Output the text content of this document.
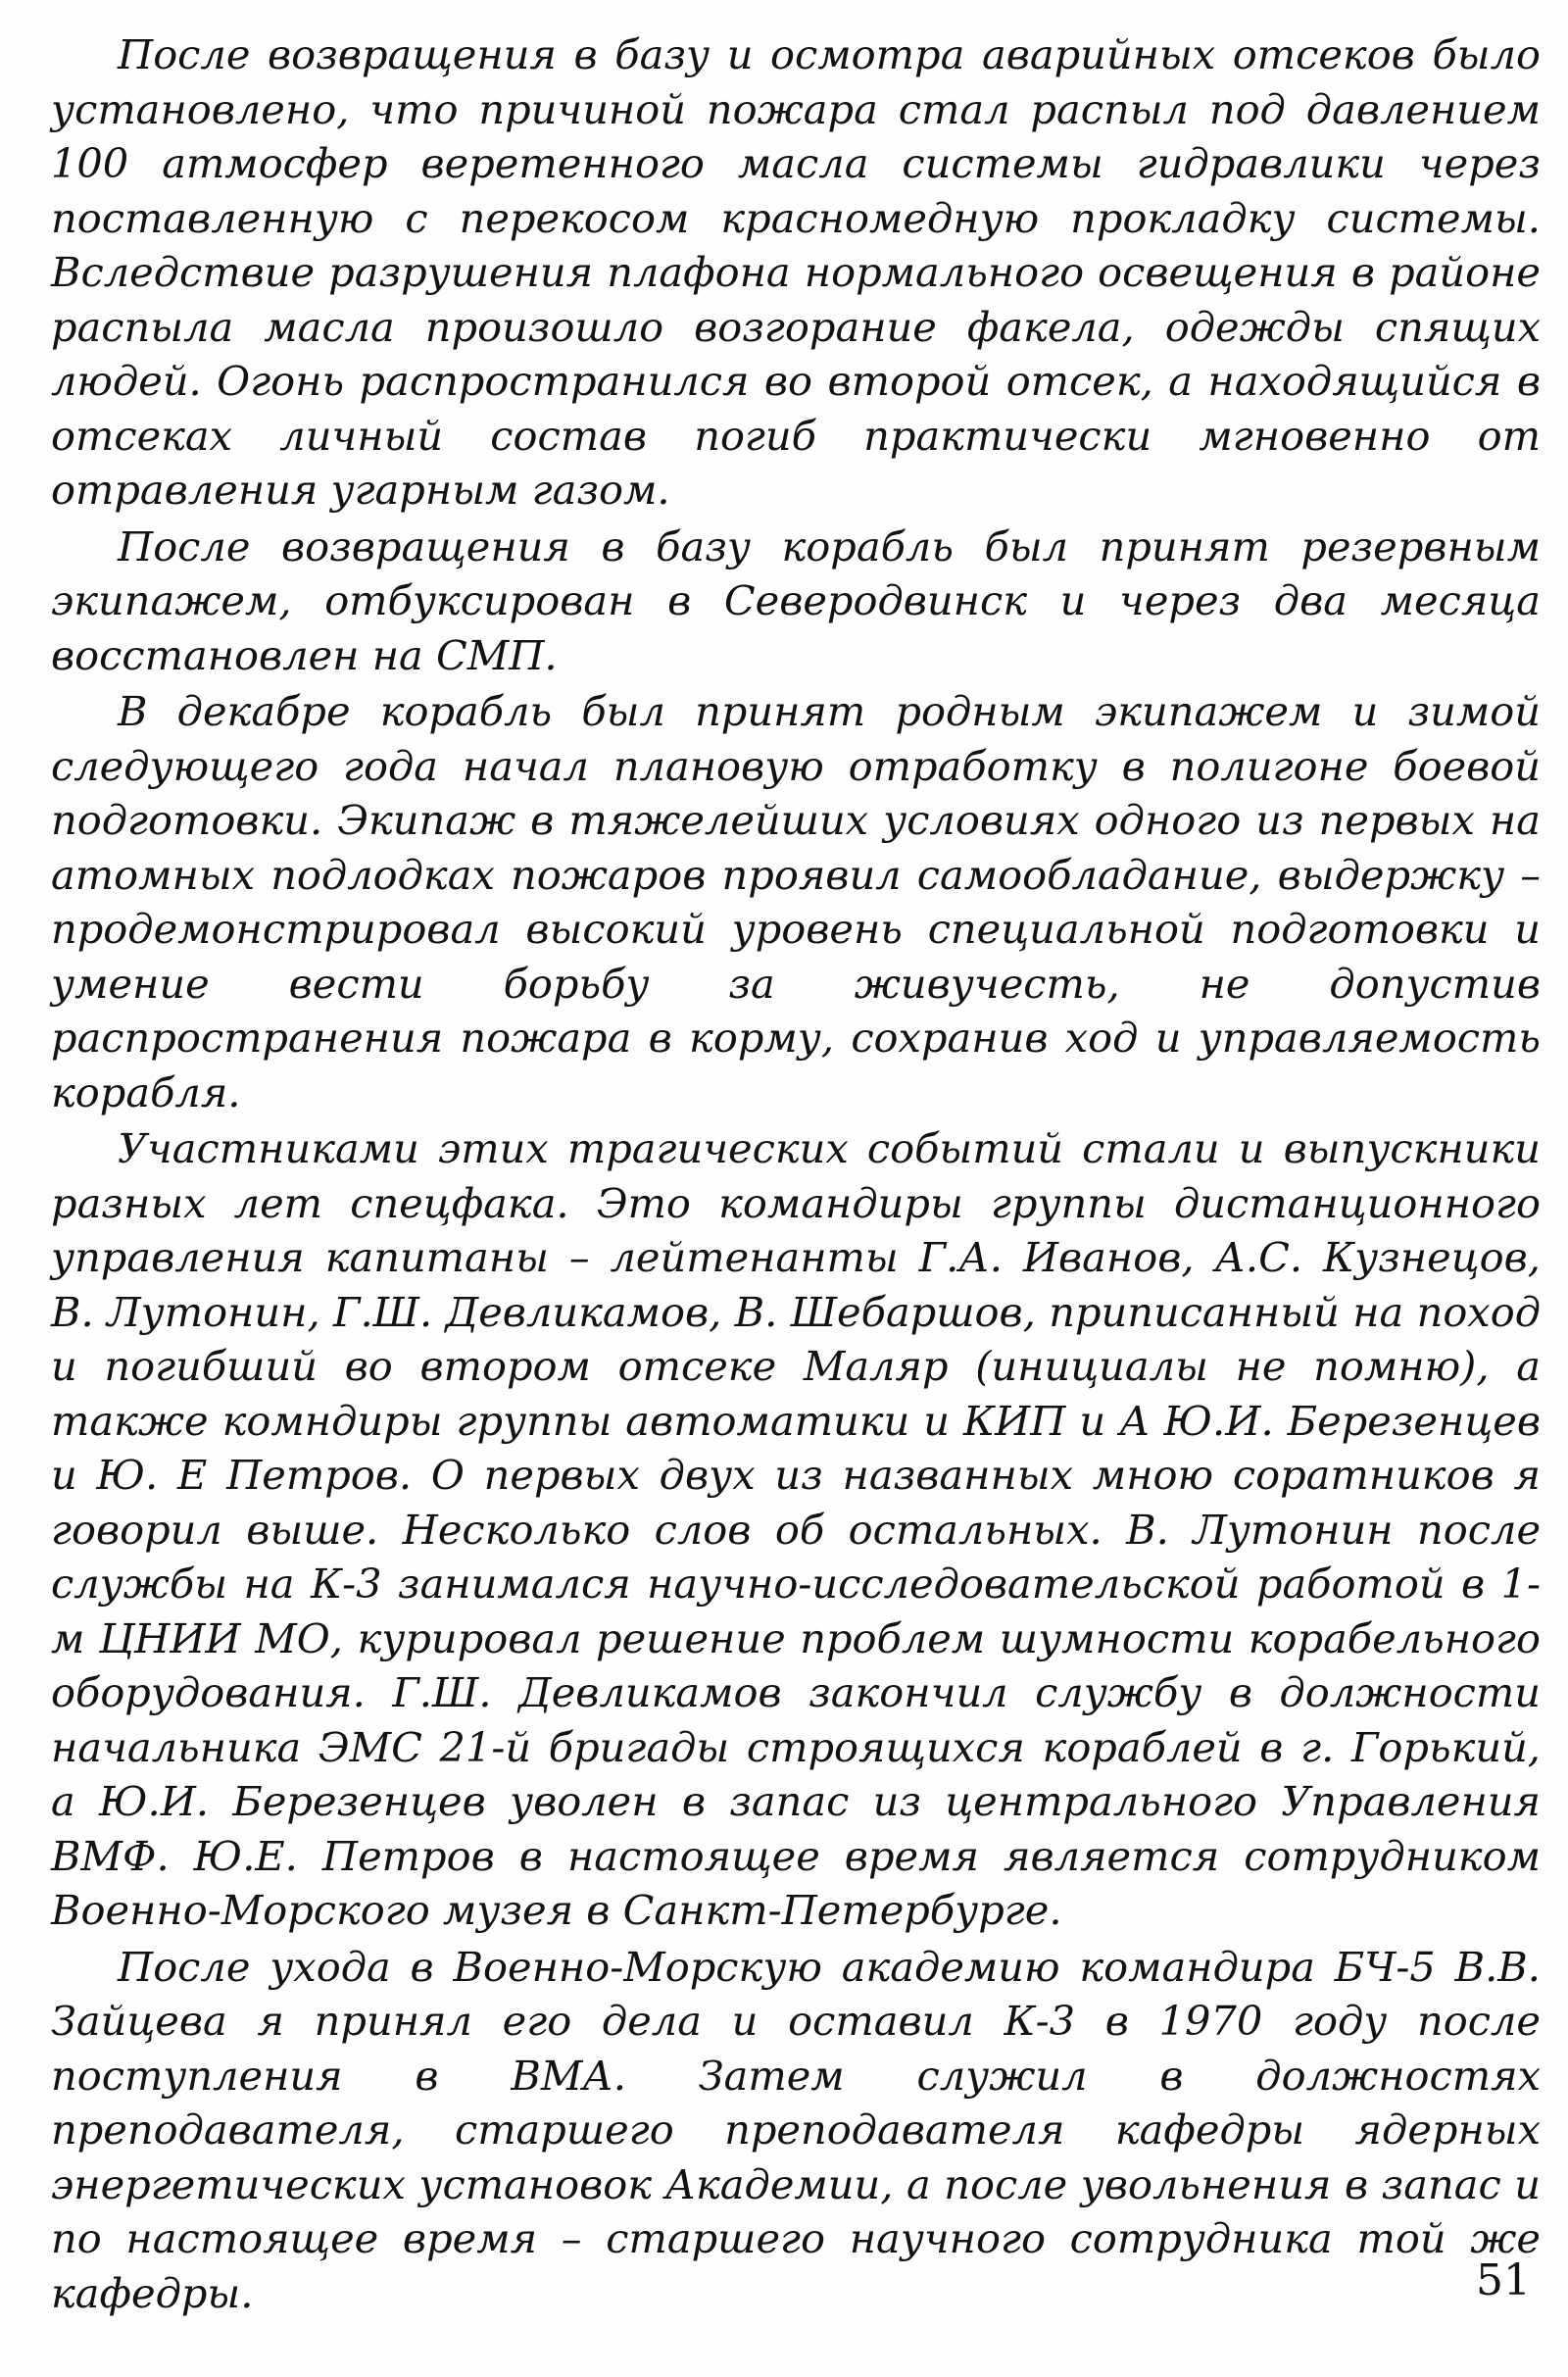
После возвращения в базу и осмотра аварийных отсеков было установлено, что причиной пожара стал распыл под давлением 100 атмосфер веретенного масла системы гидравлики через поставленную с перекосом красномедную прокладку системы. Вследствие разрушения плафона нормального освещения в районе распыла масла произошло возгорание факела, одежды спящих людей. Огонь распространился во второй отсек, а находящийся в отсеках личный состав погиб практически мгновенно от отравления угарным газом.

После возвращения в базу корабль был принят резервным экипажем, отбуксирован в Северодвинск и через два месяца восстановлен на СМП.

В декабре корабль был принят родным экипажем и зимой следующего года начал плановую отработку в полигоне боевой подготовки. Экипаж в тяжелейших условиях одного из первых на атомных подлодках пожаров проявил самообладание, выдержку – продемонстрировал высокий уровень специальной подготовки и умение вести борьбу за живучесть, не допустив распространения пожара в корму, сохранив ход и управляемость корабля.

Участниками этих трагических событий стали и выпускники разных лет спецфака. Это командиры группы дистанционного управления капитаны – лейтенанты Г.А. Иванов, А.С. Кузнецов, В. Лутонин, Г.Ш. Девликамов, В. Шебаршов, приписанный на поход и погибший во втором отсеке Маляр (инициалы не помню), а также комндиры группы автоматики и КИП и А Ю.И. Березенцев и Ю. Е Петров. О первых двух из названных мною соратников я говорил выше. Несколько слов об остальных. В. Лутонин после службы на К-3 занимался научно-исследовательской работой в 1-м ЦНИИ МО, курировал решение проблем шумности корабельного оборудования. Г.Ш. Девликамов закончил службу в должности начальника ЭМС 21-й бригады строящихся кораблей в г. Горький, а Ю.И. Березенцев уволен в запас из центрального Управления ВМФ. Ю.Е. Петров в настоящее время является сотрудником Военно-Морского музея в Санкт-Петербурге.

После ухода в Военно-Морскую академию командира БЧ-5 В.В. Зайцева я принял его дела и оставил К-3 в 1970 году после поступления в ВМА. Затем служил в должностях преподавателя, старшего преподавателя кафедры ядерных энергетических установок Академии, а после увольнения в запас и по настоящее время – старшего научного сотрудника той же кафедры.	51
